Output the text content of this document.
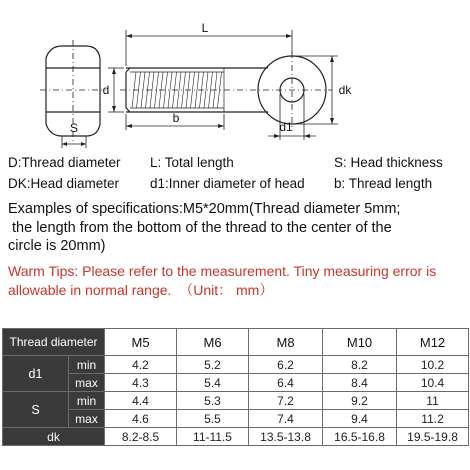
L
b
d	dk
d1
S
D:Thread diameter L: Total length	S: Head thickness
DK:Head diameter d1:Inner diameter of head b: Thread length
Examples of specifications:M5*20mm(Thread diameter 5mm;
the length from the bottom of the thread to the center of the
circle is 20mm)
Warm Tips: Please refer to the measurement. Tiny measuring error is
allowable in normal range.  （Unit： mm）
Thread diameter		M5	M6	M8	M10	M12
d1	min	4.2	5.2	6.2	8.2	10.2
	max	4.3	5.4	6.4	8.4	10.4
S	min	4.4	5.3	7.2	9.2	11
	max	4.6	5.5	7.4	9.4	11.2
dk		8.2-8.5	11-11.5	13.5-13.8	16.5-16.8	19.5-19.8
